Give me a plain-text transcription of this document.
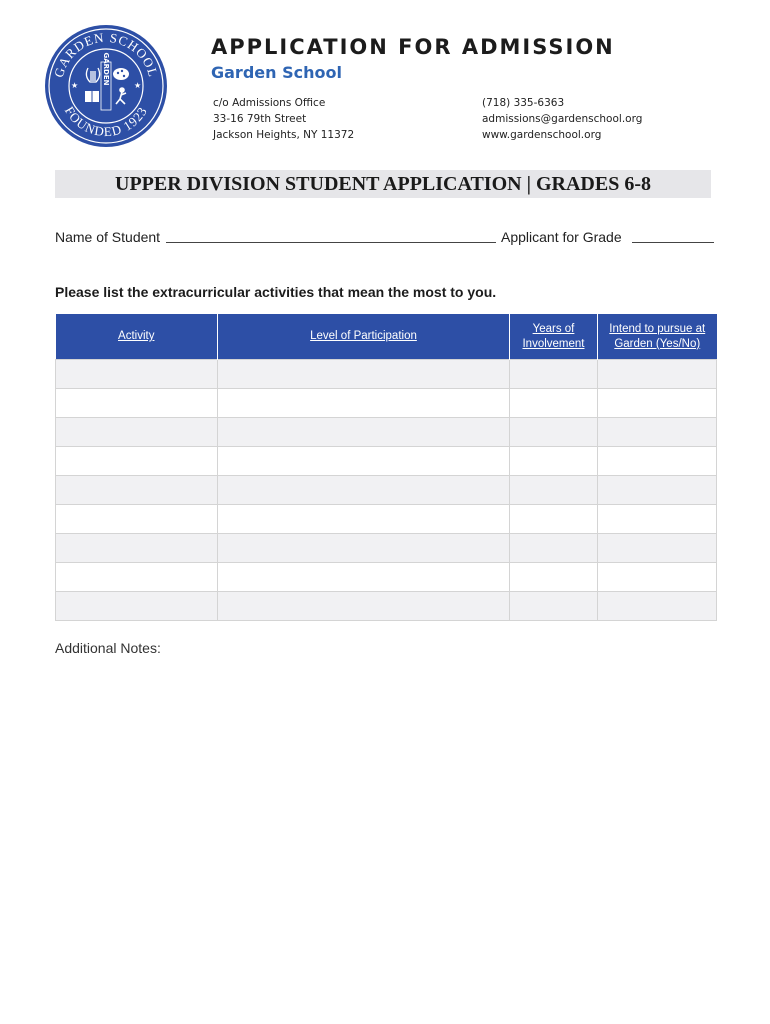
GARDEN SCHOOL
FOUNDED 1923
★	★
GARDEN
APPLICATION FOR ADMISSION
Garden School
c/o Admissions Office
33-16 79th Street
Jackson Heights, NY 11372
(718) 335-6363
admissions@gardenschool.org
www.gardenschool.org
UPPER DIVISION STUDENT APPLICATION | GRADES 6-8
Name of Student	Applicant for Grade
Please list the extracurricular activities that mean the most to you.
Activity	Level of Participation	Years of Involvement	Intend to pursue at Garden (Yes/No)

Additional Notes:
